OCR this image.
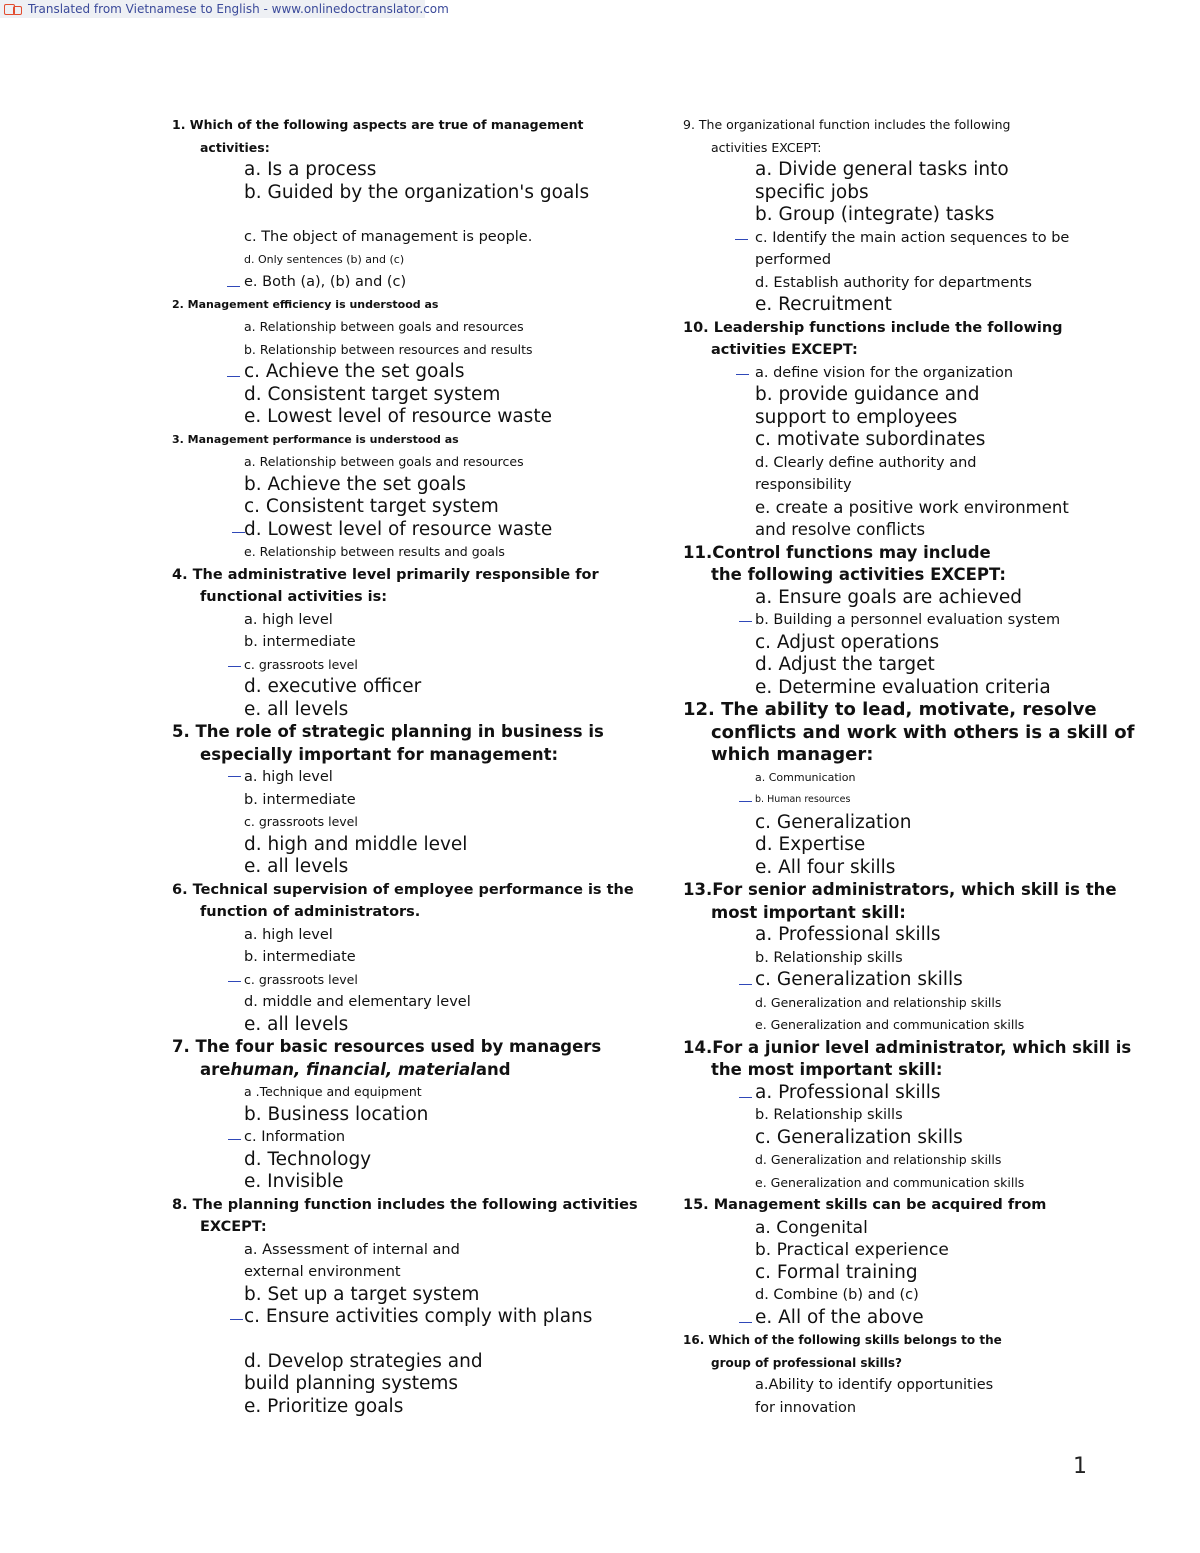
Translated from Vietnamese to English - www.onlinedoctranslator.com

1. Which of the following aspects are true of management activities:

a. Is a process

b. Guided by the organization's goals

c. The object of management is people.

d. Only sentences (b) and (c)

e. Both (a), (b) and (c)

2. Management efficiency is understood as

a. Relationship between goals and resources

b. Relationship between resources and results

c. Achieve the set goals

d. Consistent target system

e. Lowest level of resource waste

3. Management performance is understood as

a. Relationship between goals and resources

b. Achieve the set goals

c. Consistent target system

d. Lowest level of resource waste

e. Relationship between results and goals

4. The administrative level primarily responsible for functional activities is:

a. high level

b. intermediate

c. grassroots level

d. executive officer

e. all levels

5. The role of strategic planning in business is especially important for management:

a. high level

b. intermediate

c. grassroots level

d. high and middle level

e. all levels

6. Technical supervision of employee performance is the function of administrators.

a. high level

b. intermediate

c. grassroots level

d. middle and elementary level

e. all levels

7. The four basic resources used by managers arehuman, financial, materialand

a .Technique and equipment

b. Business location

c. Information

d. Technology

e. Invisible

8. The planning function includes the following activities EXCEPT:

a. Assessment of internal and external environment

b. Set up a target system

c. Ensure activities comply with plans

d. Develop strategies and build planning systems

e. Prioritize goals

9. The organizational function includes the following activities EXCEPT:

a. Divide general tasks into specific jobs

b. Group (integrate) tasks

c. Identify the main action sequences to be performed

d. Establish authority for departments

e. Recruitment

10. Leadership functions include the following activities EXCEPT:

a. define vision for the organization

b. provide guidance and support to employees

c. motivate subordinates

d. Clearly define authority and responsibility

e. create a positive work environment and resolve conflicts

11.Control functions may include the following activities EXCEPT:

a. Ensure goals are achieved

b. Building a personnel evaluation system

c. Adjust operations

d. Adjust the target

e. Determine evaluation criteria

12. The ability to lead, motivate, resolve conflicts and work with others is a skill of which manager:

a. Communication

b. Human resources

c. Generalization

d. Expertise

e. All four skills

13.For senior administrators, which skill is the most important skill:

a. Professional skills

b. Relationship skills

c. Generalization skills

d. Generalization and relationship skills

e. Generalization and communication skills

14.For a junior level administrator, which skill is the most important skill:

a. Professional skills

b. Relationship skills

c. Generalization skills

d. Generalization and relationship skills

e. Generalization and communication skills

15. Management skills can be acquired from

a. Congenital

b. Practical experience

c. Formal training

d. Combine (b) and (c)

e. All of the above

16. Which of the following skills belongs to the group of professional skills?

a.Ability to identify opportunities for innovation

1
